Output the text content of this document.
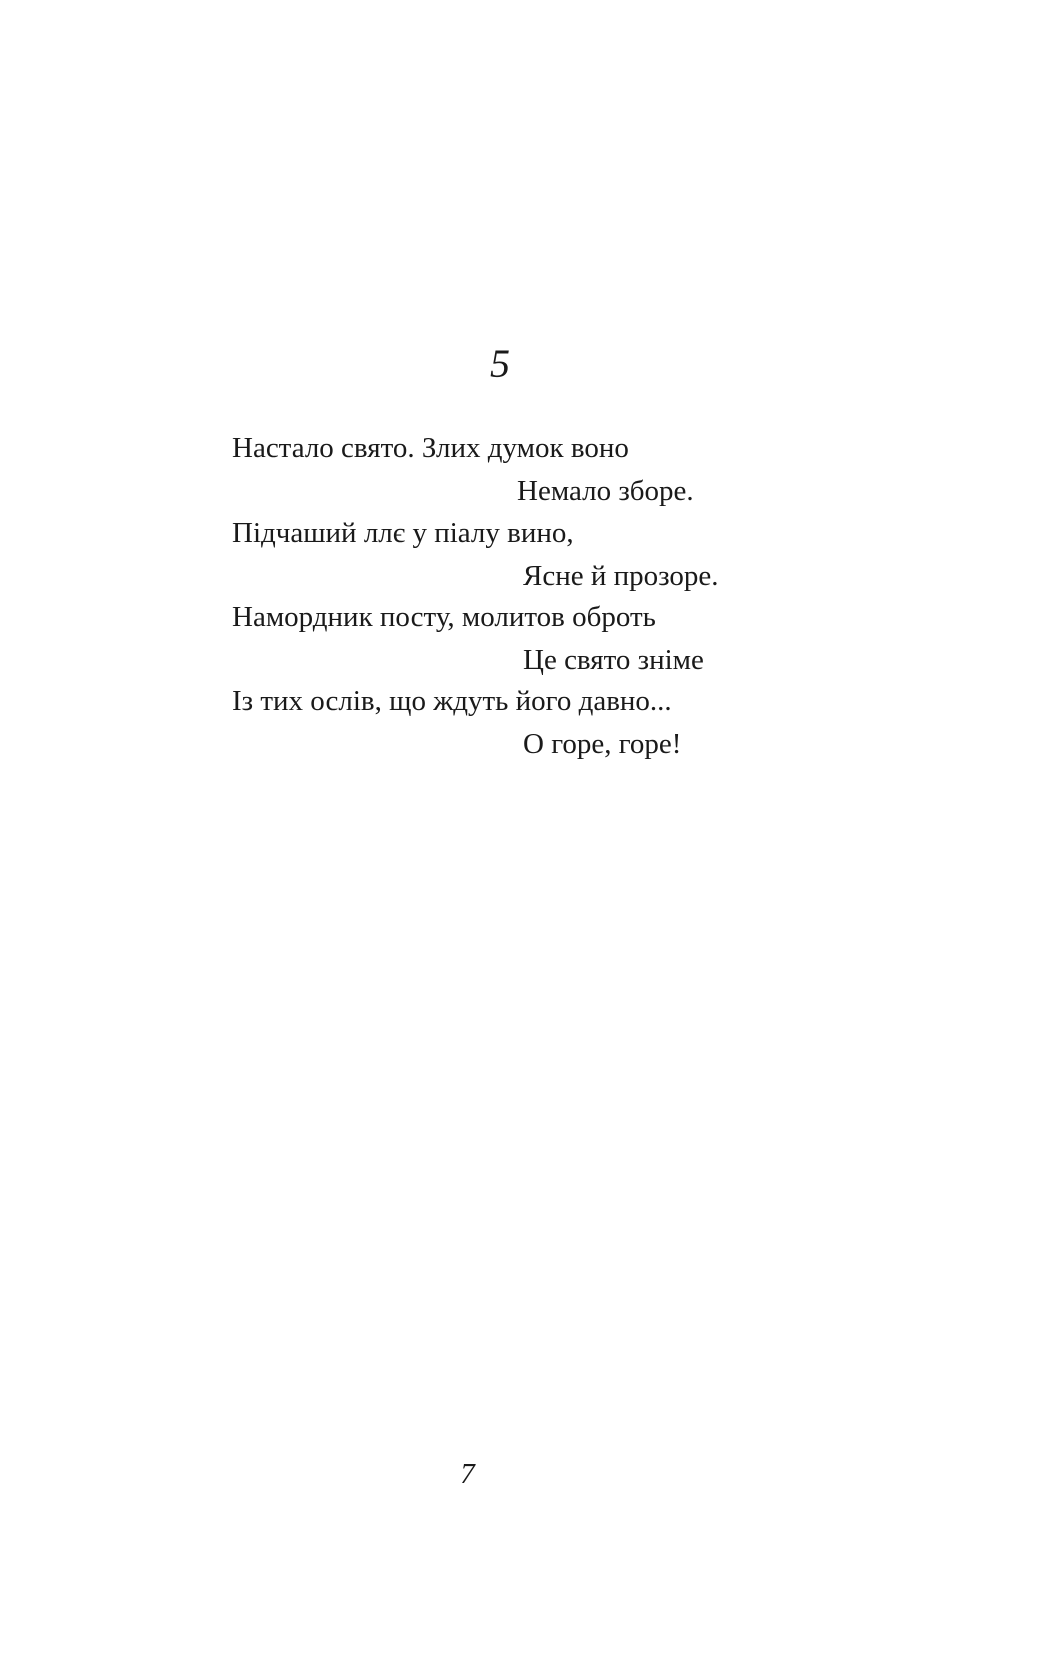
5
Настало свято. Злих думок воно
Немало зборе.
Підчаший ллє у піалу вино,
Ясне й прозоре.
Намордник посту, молитов оброть
Це свято зніме
Із тих ослів, що ждуть його давно...
О горе, горе!
7
